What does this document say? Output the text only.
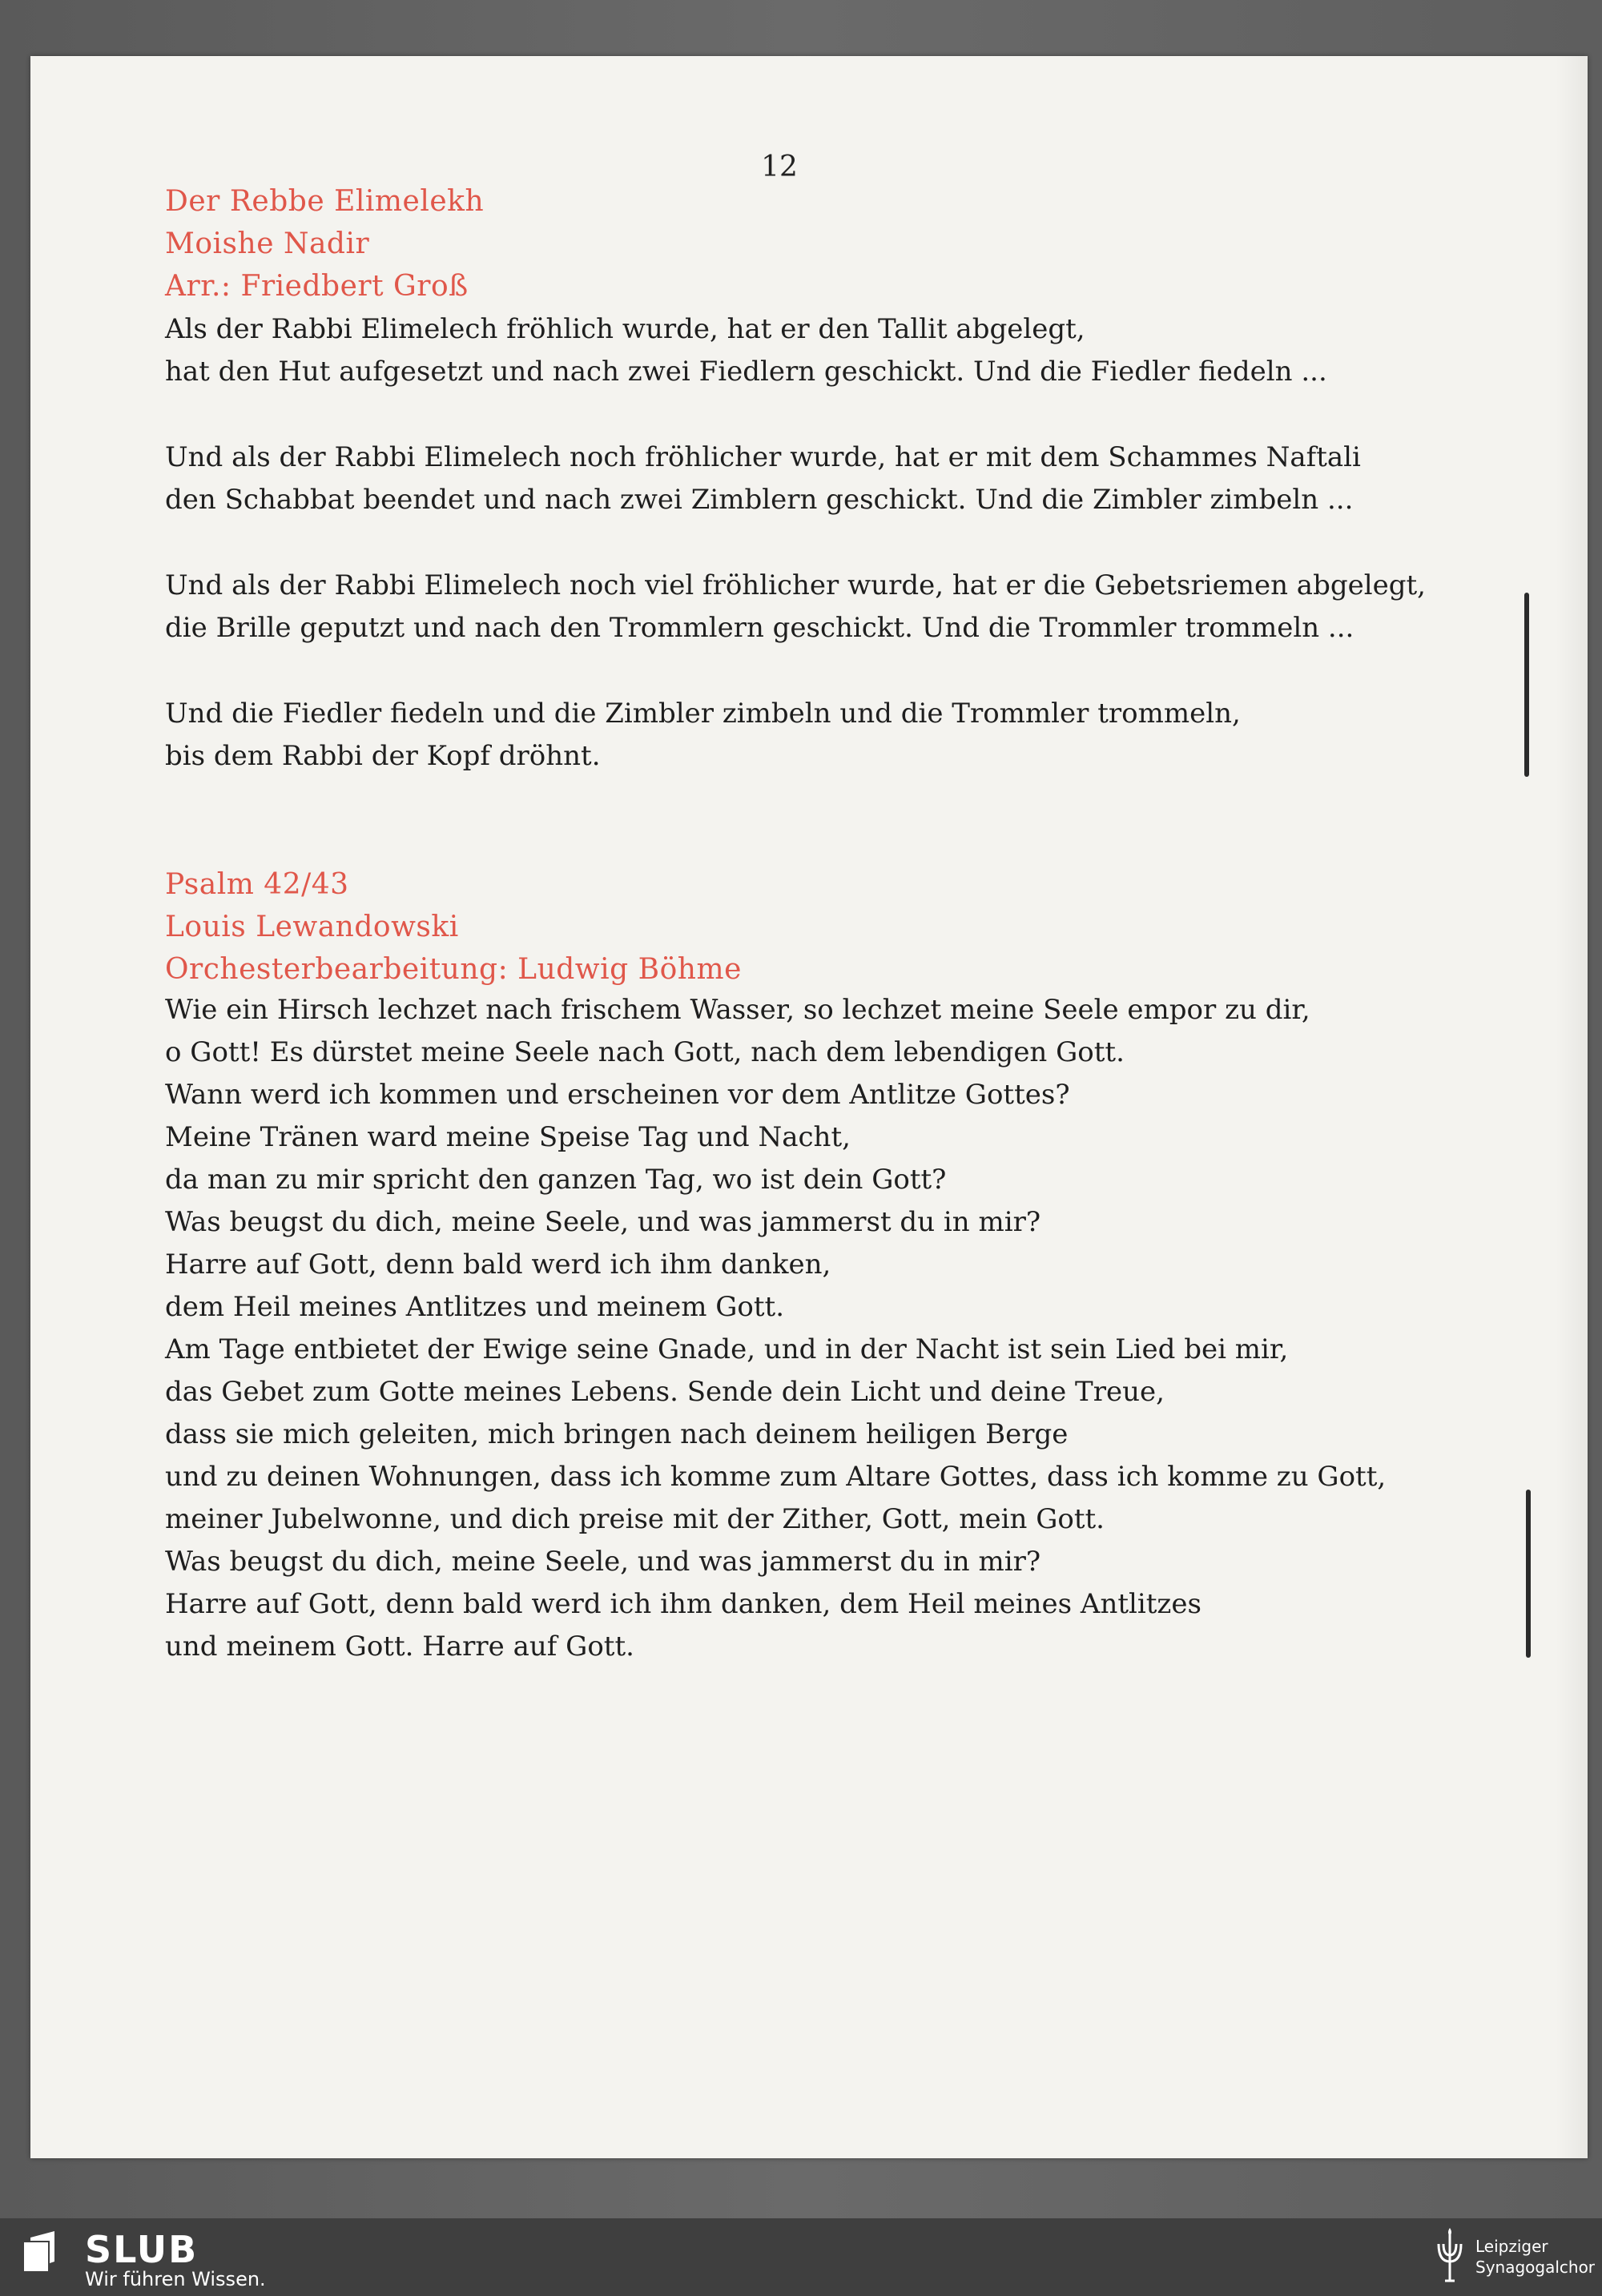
12
Der Rebbe Elimelekh
Moishe Nadir
Arr.: Friedbert Groß
Als der Rabbi Elimelech fröhlich wurde, hat er den Tallit abgelegt,
hat den Hut aufgesetzt und nach zwei Fiedlern geschickt. Und die Fiedler fiedeln ...
Und als der Rabbi Elimelech noch fröhlicher wurde, hat er mit dem Schammes Naftali
den Schabbat beendet und nach zwei Zimblern geschickt. Und die Zimbler zimbeln ...
Und als der Rabbi Elimelech noch viel fröhlicher wurde, hat er die Gebetsriemen abgelegt,
die Brille geputzt und nach den Trommlern geschickt. Und die Trommler trommeln ...
Und die Fiedler fiedeln und die Zimbler zimbeln und die Trommler trommeln,
bis dem Rabbi der Kopf dröhnt.
Psalm 42/43
Louis Lewandowski
Orchesterbearbeitung: Ludwig Böhme
Wie ein Hirsch lechzet nach frischem Wasser, so lechzet meine Seele empor zu dir,
o Gott! Es dürstet meine Seele nach Gott, nach dem lebendigen Gott.
Wann werd ich kommen und erscheinen vor dem Antlitze Gottes?
Meine Tränen ward meine Speise Tag und Nacht,
da man zu mir spricht den ganzen Tag, wo ist dein Gott?
Was beugst du dich, meine Seele, und was jammerst du in mir?
Harre auf Gott, denn bald werd ich ihm danken,
dem Heil meines Antlitzes und meinem Gott.
Am Tage entbietet der Ewige seine Gnade, und in der Nacht ist sein Lied bei mir,
das Gebet zum Gotte meines Lebens. Sende dein Licht und deine Treue,
dass sie mich geleiten, mich bringen nach deinem heiligen Berge
und zu deinen Wohnungen, dass ich komme zum Altare Gottes, dass ich komme zu Gott,
meiner Jubelwonne, und dich preise mit der Zither, Gott, mein Gott.
Was beugst du dich, meine Seele, und was jammerst du in mir?
Harre auf Gott, denn bald werd ich ihm danken, dem Heil meines Antlitzes
und meinem Gott. Harre auf Gott.
SLUB
Wir führen Wissen.
Leipziger
Synagogalchor
